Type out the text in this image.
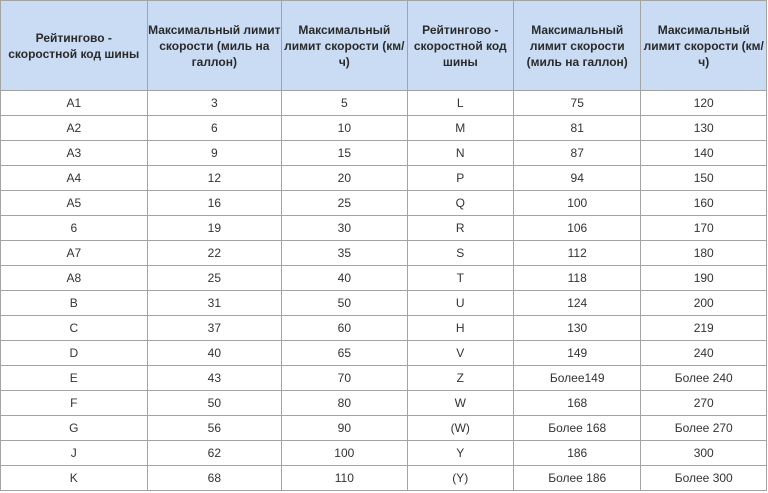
Рейтингово - скоростной код шины	Максимальный лимит скорости (миль на галлон)	Максимальный лимит скорости (км/ч)	Рейтингово - скоростной код шины	Максимальный лимит скорости (миль на галлон)	Максимальный лимит скорости (км/ч)
A1	3	5	L	75	120
A2	6	10	M	81	130
A3	9	15	N	87	140
A4	12	20	P	94	150
A5	16	25	Q	100	160
6	19	30	R	106	170
A7	22	35	S	112	180
A8	25	40	T	118	190
B	31	50	U	124	200
C	37	60	H	130	219
D	40	65	V	149	240
E	43	70	Z	Более149	Более 240
F	50	80	W	168	270
G	56	90	(W)	Более 168	Более 270
J	62	100	Y	186	300
K	68	110	(Y)	Более 186	Более 300
